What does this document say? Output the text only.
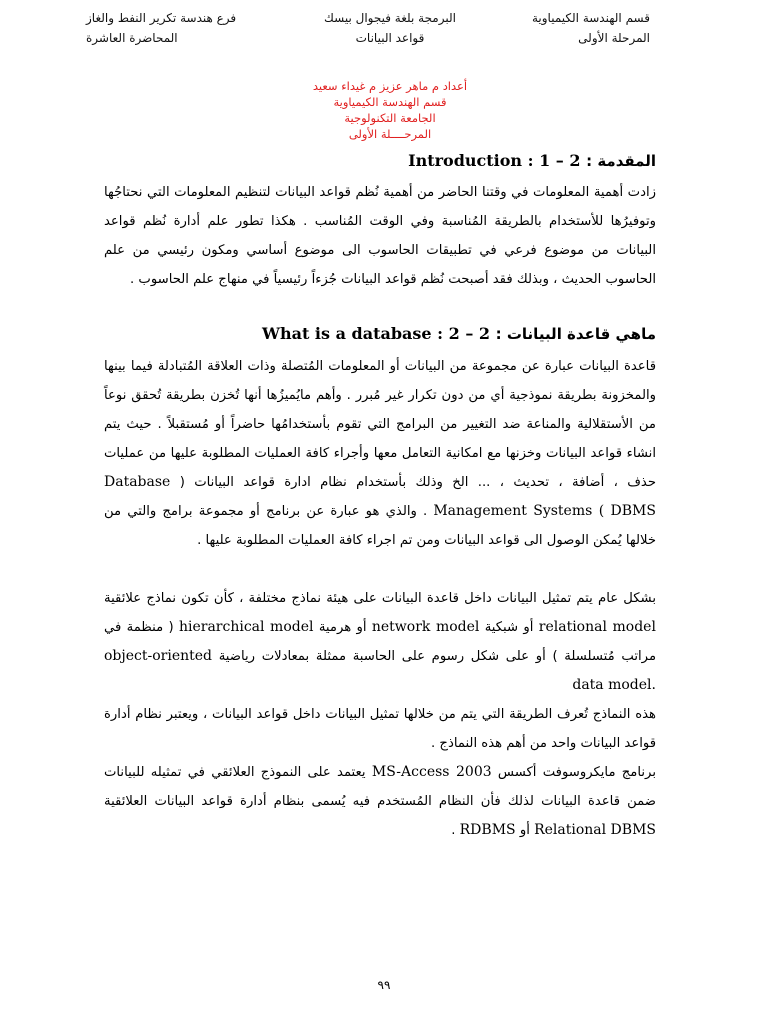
قسم الهندسة الكيمياوية
المرحلة الأولى
البرمجة بلغة فيجوال بيسك
قواعد البيانات
فرع هندسة تكرير النفط والغاز
المحاضرة العاشرة
أعداد م ماهر عزيز م غيداء سعيد
قسم الهندسة الكيمياوية
الجامعة التكنولوجية
المرحــــلة الأولى
Introduction :	المقدمة : 2 – 1
زادت أهمية المعلومات في وقتنا الحاضر من أهمية نُظم قواعد البيانات لتنظيم المعلومات التي نحتاجُها وتوفيرُها للأستخدام بالطريقة المُناسبة وفي الوقت المُناسب . هكذا تطور علم أدارة نُظم قواعد البيانات من موضوع فرعي في تطبيقات الحاسوب الى موضوع أساسي ومكون رئيسي من علم الحاسوب الحديث ، وبذلك فقد أصبحت نُظم قواعد البيانات جُزءاً رئيسياً في منهاج علم الحاسوب .
What is a database :	ماهي قاعدة البيانات : 2 – 2
قاعدة البيانات عبارة عن مجموعة من البيانات أو المعلومات المُتصلة وذات العلاقة المُتبادلة فيما بينها والمخزونة بطريقة نموذجية أي من دون تكرار غير مُبرر . وأهم مايُميزُها أنها تُخزن بطريقة تُحقق نوعاً من الأستقلالية والمناعة ضد التغيير من البرامج التي تقوم بأستخدامُها حاضراً أو مُستقبلاً . حيث يتم انشاء قواعد البيانات وخزنها مع امكانية التعامل معها وأجراء كافة العمليات المطلوبة عليها من عمليات حذف ، أضافة ، تحديث ، ... الخ وذلك بأستخدام نظام ادارة قواعد البيانات ( Database Management Systems ( DBMS . والذي هو عبارة عن برنامج أو مجموعة برامج والتي من خلالها يُمكن الوصول الى قواعد البيانات ومن تم اجراء كافة العمليات المطلوبة عليها .
بشكل عام يتم تمثيل البيانات داخل قاعدة البيانات على هيئة نماذج مختلفة ، كأن تكون نماذج علائقية relational model أو شبكية network model أو هرمية hierarchical model ( منظمة في مراتب مُتسلسلة ) أو على شكل رسوم على الحاسبة ممثلة بمعادلات رياضية object-oriented data model.
هذه النماذج تُعرف الطريقة التي يتم من خلالها تمثيل البيانات داخل قواعد البيانات ، ويعتبر نظام أدارة قواعد البيانات واحد من أهم هذه النماذج .
برنامج مايكروسوفت أكسس MS-Access 2003 يعتمد على النموذج العلائقي في تمثيله للبيانات ضمن قاعدة البيانات لذلك فأن النظام المُستخدم فيه يُسمى بنظام أدارة قواعد البيانات العلائقية Relational DBMS أو RDBMS .
٩٩
